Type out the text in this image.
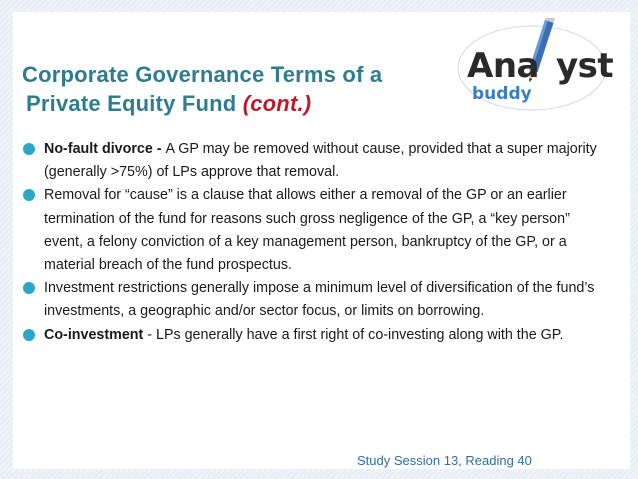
Corporate Governance Terms of a
Private Equity Fund (cont.)
Ana yst
buddy

No-fault divorce - A GP may be removed without cause, provided that a super majority (generally >75%) of LPs approve that removal.

Removal for “cause” is a clause that allows either a removal of the GP or an earlier termination of the fund for reasons such gross negligence of the GP, a “key person” event, a felony conviction of a key management person, bankruptcy of the GP, or a material breach of the fund prospectus.

Investment restrictions generally impose a minimum level of diversification of the fund’s investments, a geographic and/or sector focus, or limits on borrowing.

Co-investment - LPs generally have a first right of co-investing along with the GP.

Study Session 13, Reading 40
